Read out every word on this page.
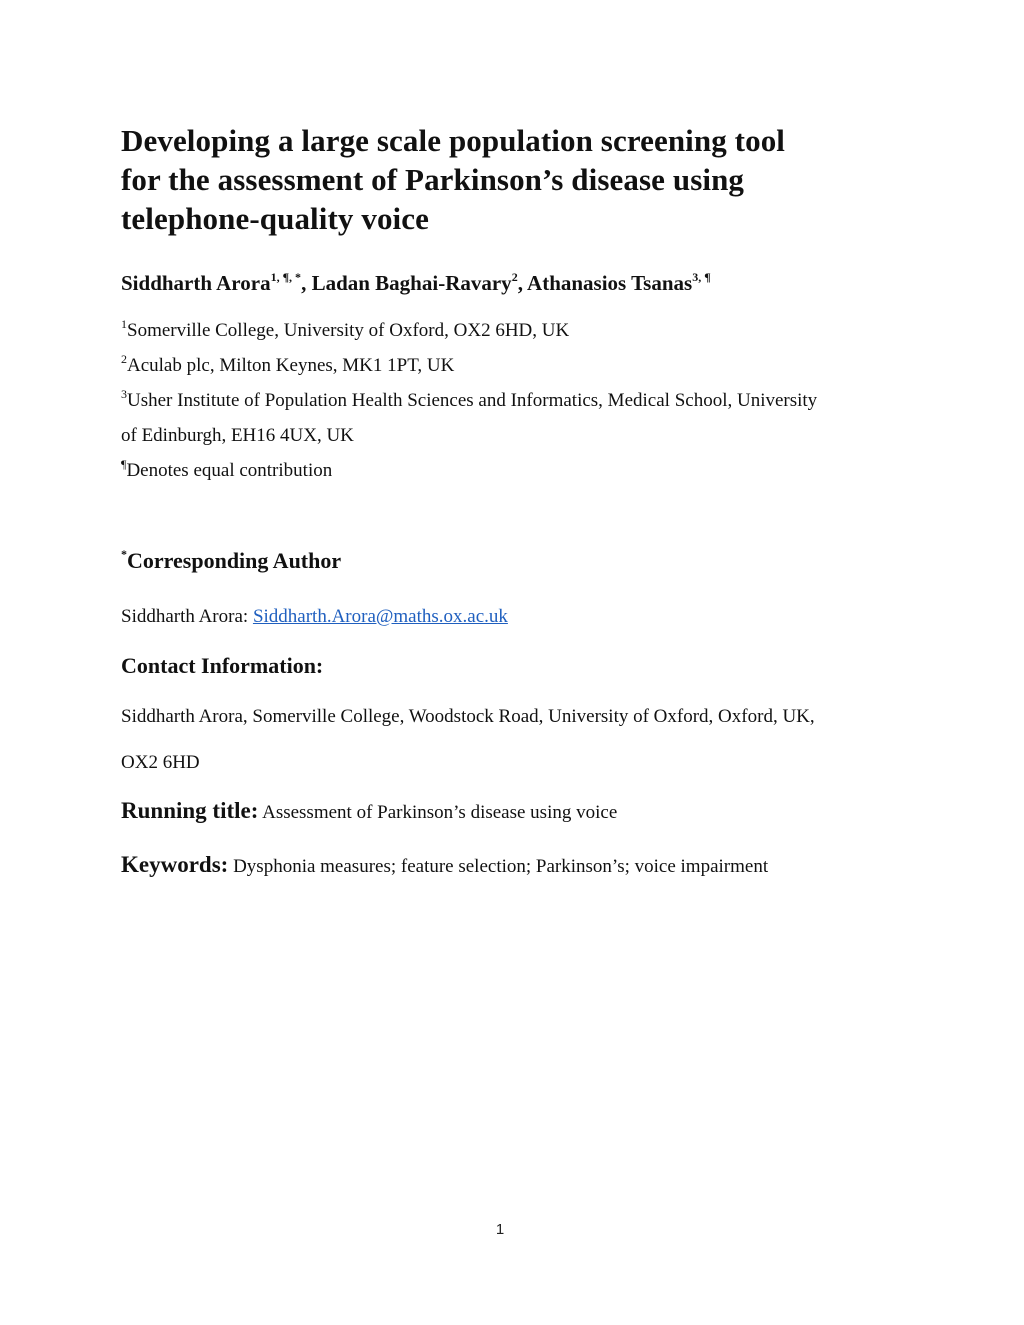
Developing a large scale population screening tool
for the assessment of Parkinson’s disease using
telephone-quality voice
Siddharth Arora$^{1, \P, *}$, Ladan Baghai-Ravary$^2$, Athanasios Tsanas$^{3, \P}$
$^1$Somerville College, University of Oxford, OX2 6HD, UK
$^2$Aculab plc, Milton Keynes, MK1 1PT, UK
$^3$Usher Institute of Population Health Sciences and Informatics, Medical School, University
of Edinburgh, EH16 4UX, UK
¶Denotes equal contribution
*Corresponding Author
Siddharth Arora: Siddharth.Arora@maths.ox.ac.uk
Contact Information:
Siddharth Arora, Somerville College, Woodstock Road, University of Oxford, Oxford, UK,
OX2 6HD
Running title: Assessment of Parkinson’s disease using voice
Keywords: Dysphonia measures; feature selection; Parkinson’s; voice impairment
1
